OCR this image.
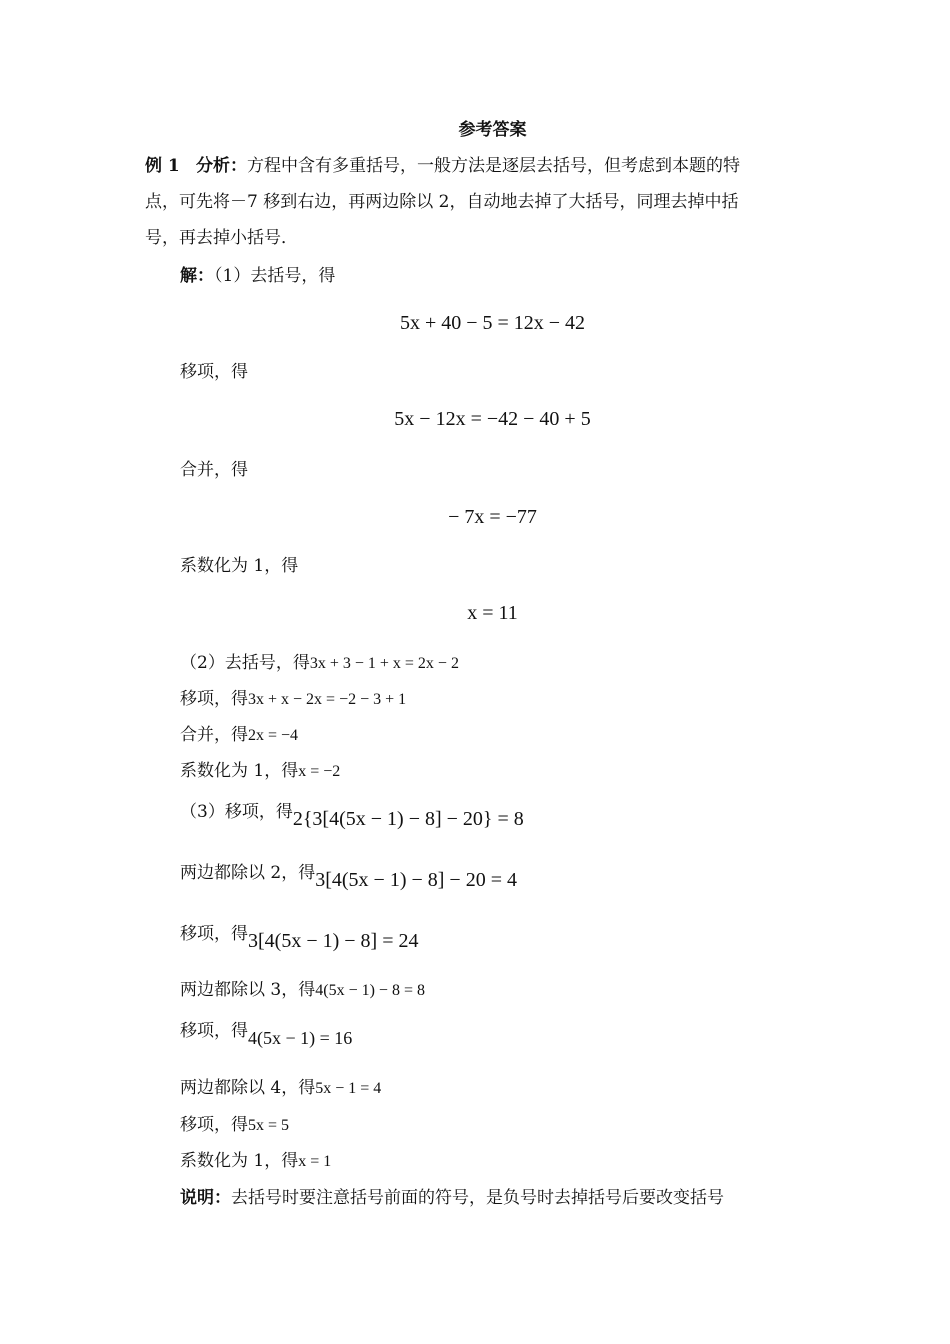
参考答案
例 1 分析：方程中含有多重括号，一般方法是逐层去括号，但考虑到本题的特
点，可先将－7 移到右边，再两边除以 2，自动地去掉了大括号，同理去掉中括
号，再去掉小括号．
解：（1）去括号，得
5x + 40 − 5 = 12x − 42
移项，得
5x − 12x = −42 − 40 + 5
合并，得
− 7x = −77
系数化为 1，得
x = 11
（2）去括号，得3x + 3 − 1 + x = 2x − 2
移项，得3x + x − 2x = −2 − 3 + 1
合并，得2x = −4
系数化为 1，得x = −2
（3）移项，得2{3[4(5x − 1) − 8] − 20} = 8
两边都除以 2，得3[4(5x − 1) − 8] − 20 = 4
移项，得3[4(5x − 1) − 8] = 24
两边都除以 3，得4(5x − 1) − 8 = 8
移项，得4(5x − 1) = 16
两边都除以 4，得5x − 1 = 4
移项，得5x = 5
系数化为 1，得x = 1
说明：去括号时要注意括号前面的符号，是负号时去掉括号后要改变括号
